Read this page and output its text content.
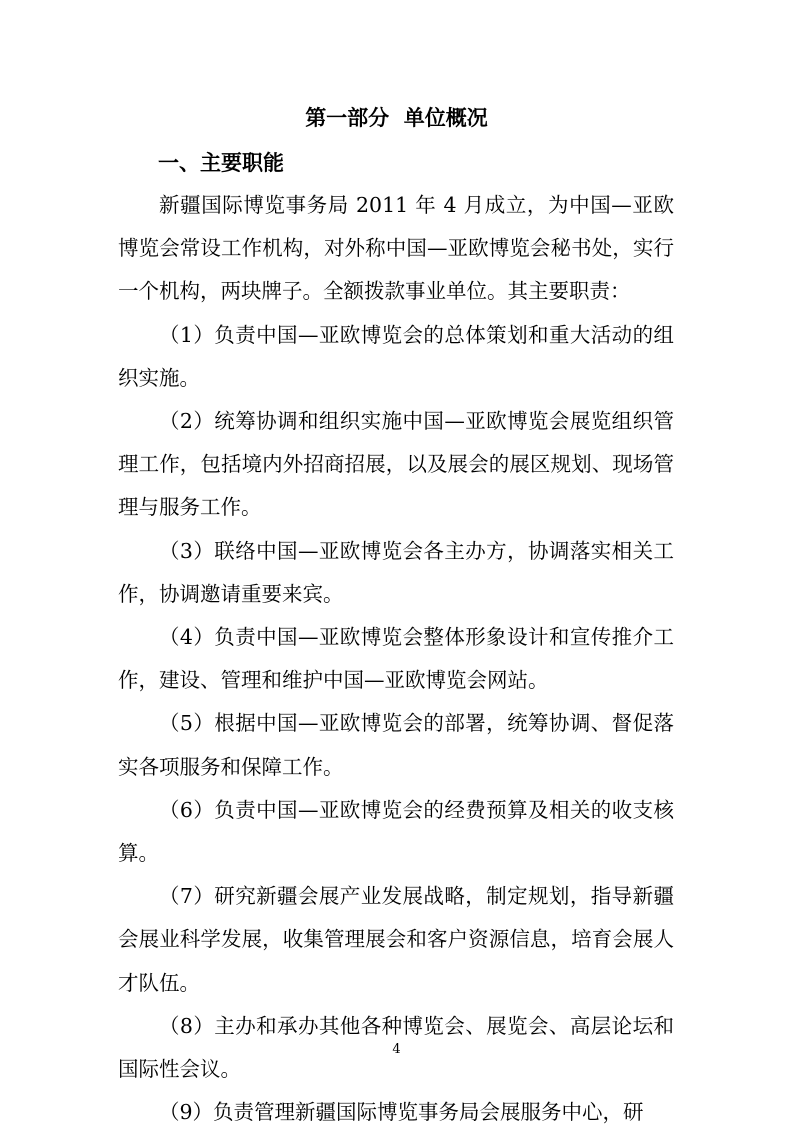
第一部分  单位概况
一、主要职能

新疆国际博览事务局 2011 年 4 月成立，为中国—亚欧博览会常设工作机构，对外称中国—亚欧博览会秘书处，实行一个机构，两块牌子。全额拨款事业单位。其主要职责：

（1）负责中国—亚欧博览会的总体策划和重大活动的组织实施。

（2）统筹协调和组织实施中国—亚欧博览会展览组织管理工作，包括境内外招商招展，以及展会的展区规划、现场管理与服务工作。

（3）联络中国—亚欧博览会各主办方，协调落实相关工作，协调邀请重要来宾。

（4）负责中国—亚欧博览会整体形象设计和宣传推介工作，建设、管理和维护中国—亚欧博览会网站。

（5）根据中国—亚欧博览会的部署，统筹协调、督促落实各项服务和保障工作。

（6）负责中国—亚欧博览会的经费预算及相关的收支核算。

（7）研究新疆会展产业发展战略，制定规划，指导新疆会展业科学发展，收集管理展会和客户资源信息，培育会展人才队伍。

（8）主办和承办其他各种博览会、展览会、高层论坛和国际性会议。

（9）负责管理新疆国际博览事务局会展服务中心，研

4
